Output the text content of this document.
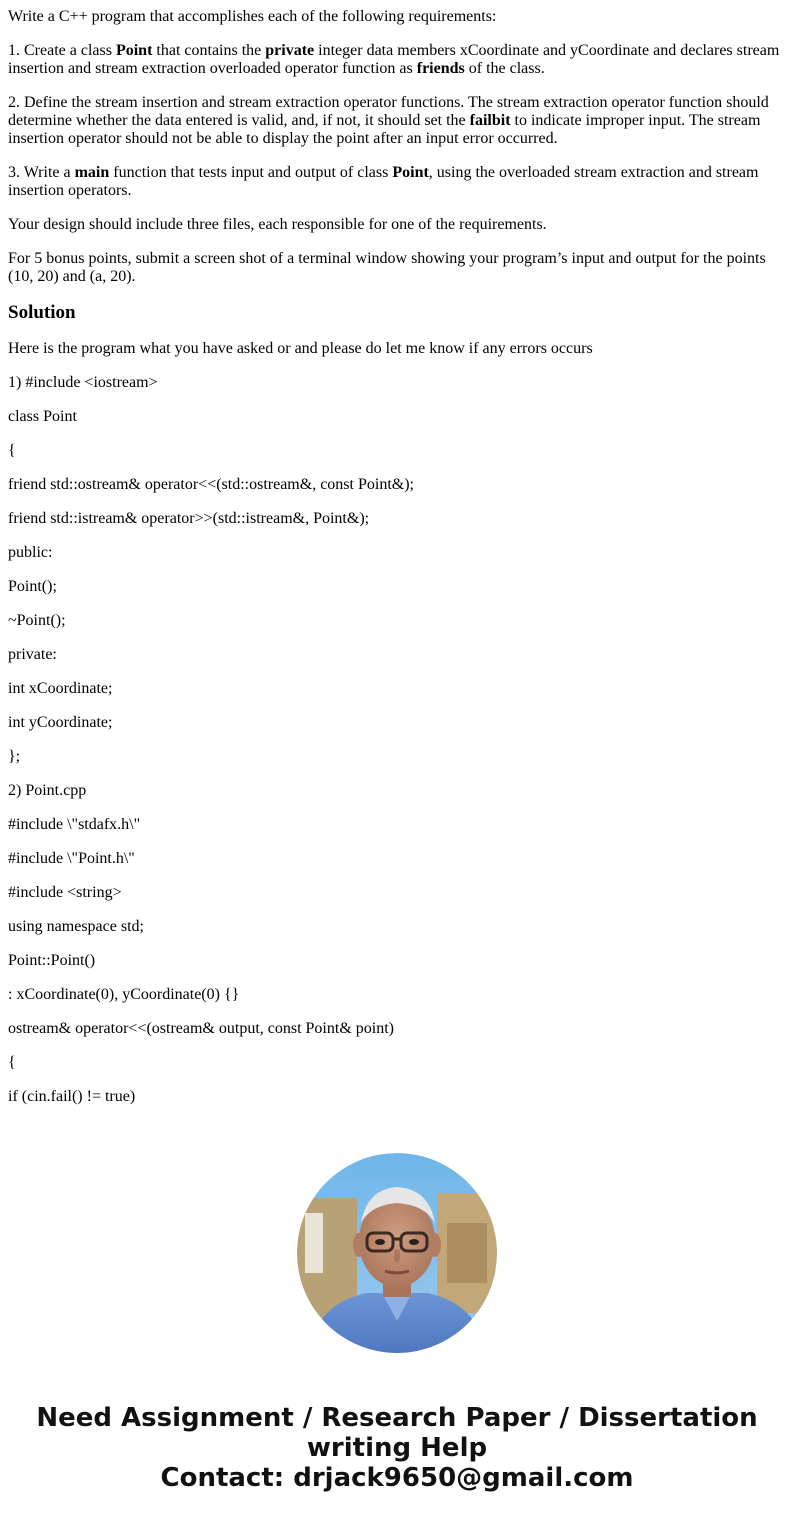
Write a C++ program that accomplishes each of the following requirements:

1. Create a class Point that contains the private integer data members xCoordinate and yCoordinate and declares stream insertion and stream extraction overloaded operator function as friends of the class.

2. Define the stream insertion and stream extraction operator functions. The stream extraction operator function should determine whether the data entered is valid, and, if not, it should set the failbit to indicate improper input. The stream insertion operator should not be able to display the point after an input error occurred.

3. Write a main function that tests input and output of class Point, using the overloaded stream extraction and stream insertion operators.

Your design should include three files, each responsible for one of the requirements.

For 5 bonus points, submit a screen shot of a terminal window showing your program’s input and output for the points (10, 20) and (a, 20).

Solution

Here is the program what you have asked or and please do let me know if any errors occurs

1) #include <iostream>

class Point

{

friend std::ostream& operator<<(std::ostream&, const Point&);

friend std::istream& operator>>(std::istream&, Point&);

public:

Point();

~Point();

private:

int xCoordinate;

int yCoordinate;

};

2) Point.cpp

#include \"stdafx.h\"

#include \"Point.h\"

#include <string>

using namespace std;

Point::Point()

: xCoordinate(0), yCoordinate(0) {}

ostream& operator<<(ostream& output, const Point& point)

{

if (cin.fail() != true)

Need Assignment / Research Paper / Dissertation
writing Help
Contact: drjack9650@gmail.com
